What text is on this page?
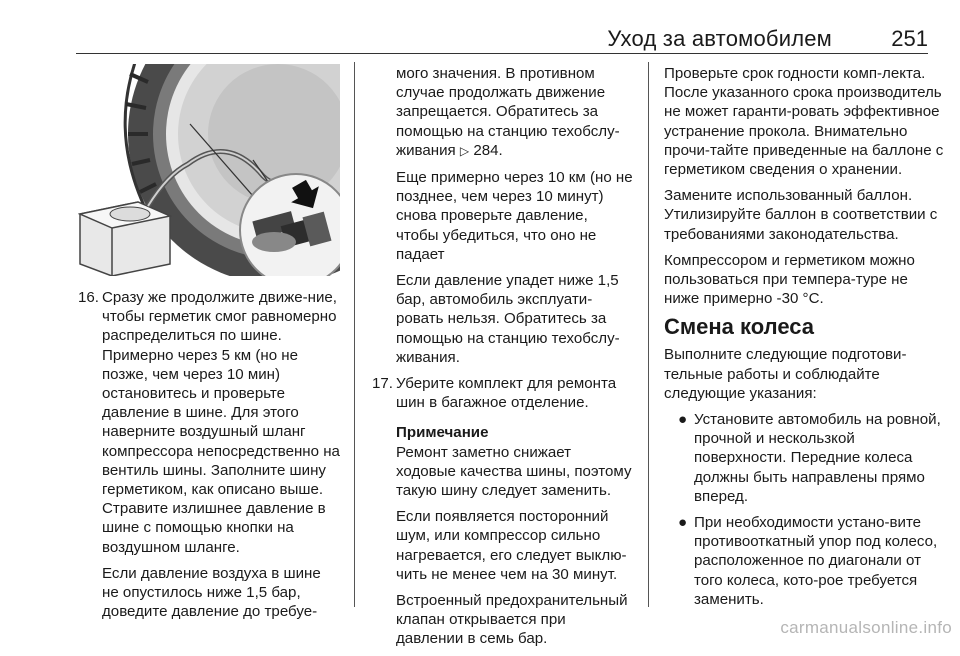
Уход за автомобилем	251
16. Сразу же продолжите движе-ние, чтобы герметик смог равномерно распределиться по шине. Примерно через 5 км (но не позже, чем через 10 мин) остановитесь и проверьте давление в шине. Для этого наверните воздушный шланг компрессора непосредственно на вентиль шины. Заполните шину герметиком, как описано выше. Стравите излишнее давление в шине с помощью кнопки на воздушном шланге.

Если давление воздуха в шине не опустилось ниже 1,5 бар, доведите давление до требуе-

мого значения. В противном случае продолжать движение запрещается. Обратитесь за помощью на станцию техобслу-живания ▷ 284.

Еще примерно через 10 км (но не позднее, чем через 10 минут) снова проверьте давление, чтобы убедиться, что оно не падает

Если давление упадет ниже 1,5 бар, автомобиль эксплуати-ровать нельзя. Обратитесь за помощью на станцию техобслу-живания.

17. Уберите комплект для ремонта шин в багажное отделение.

Примечание

Ремонт заметно снижает ходовые качества шины, поэтому такую шину следует заменить.

Если появляется посторонний шум, или компрессор сильно нагревается, его следует выклю-чить не менее чем на 30 минут.

Встроенный предохранительный клапан открывается при давлении в семь бар.

Проверьте срок годности комп-лекта. После указанного срока производитель не может гаранти-ровать эффективное устранение прокола. Внимательно прочи-тайте приведенные на баллоне с герметиком сведения о хранении.

Замените использованный баллон. Утилизируйте баллон в соответствии с требованиями законодательства.

Компрессором и герметиком можно пользоваться при темпера-туре не ниже примерно -30 °C.

Смена колеса

Выполните следующие подготови-тельные работы и соблюдайте следующие указания:

● Установите автомобиль на ровной, прочной и нескользкой поверхности. Передние колеса должны быть направлены прямо вперед.
● При необходимости устано-вите противооткатный упор под колесо, расположенное по диагонали от того колеса, кото-рое требуется заменить.
carmanualsonline.info
